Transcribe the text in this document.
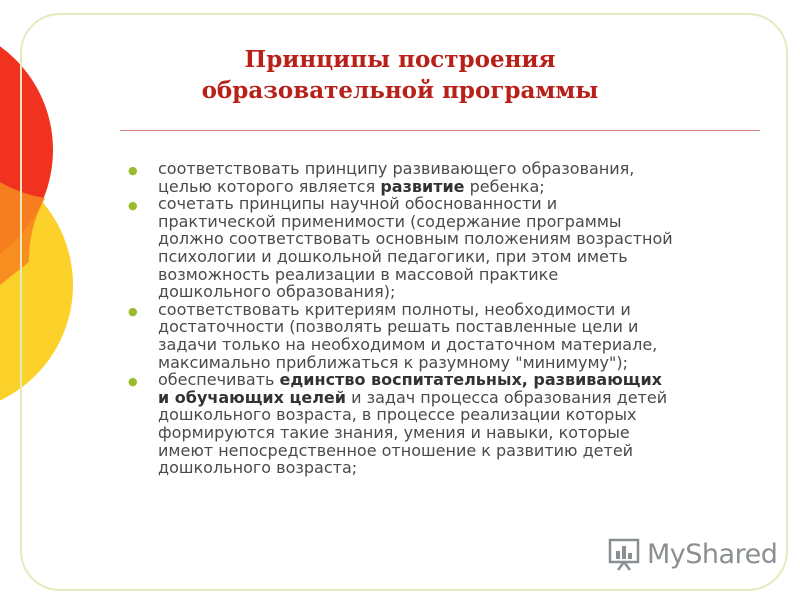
Принципы построения
образовательной программы
● соответствовать принципу развивающего образования,
целью которого является развитие ребенка;
● сочетать принципы научной обоснованности и
практической применимости (содержание программы
должно соответствовать основным положениям возрастной
психологии и дошкольной педагогики, при этом иметь
возможность реализации в массовой практике
дошкольного образования);
● соответствовать критериям полноты, необходимости и
достаточности (позволять решать поставленные цели и
задачи только на необходимом и достаточном материале,
максимально приближаться к разумному "минимуму");
● обеспечивать единство воспитательных, развивающих
и обучающих целей и задач процесса образования детей
дошкольного возраста, в процессе реализации которых
формируются такие знания, умения и навыки, которые
имеют непосредственное отношение к развитию детей
дошкольного возраста;
MyShared
